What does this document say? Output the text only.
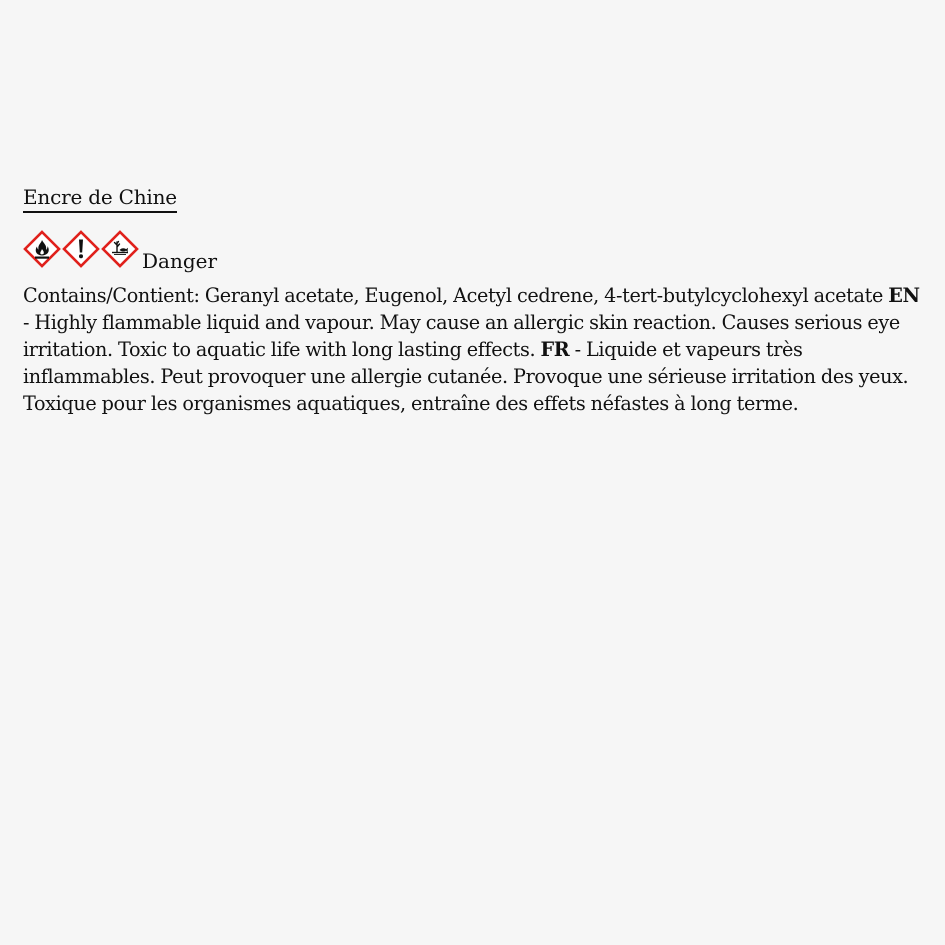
Encre de Chine
Danger
Contains/Contient: Geranyl acetate, Eugenol, Acetyl cedrene, 4-tert-butylcyclohexyl acetate EN - Highly flammable liquid and vapour. May cause an allergic skin reaction. Causes serious eye irritation. Toxic to aquatic life with long lasting effects. FR - Liquide et vapeurs très inflammables. Peut provoquer une allergie cutanée. Provoque une sérieuse irritation des yeux. Toxique pour les organismes aquatiques, entraîne des effets néfastes à long terme.
